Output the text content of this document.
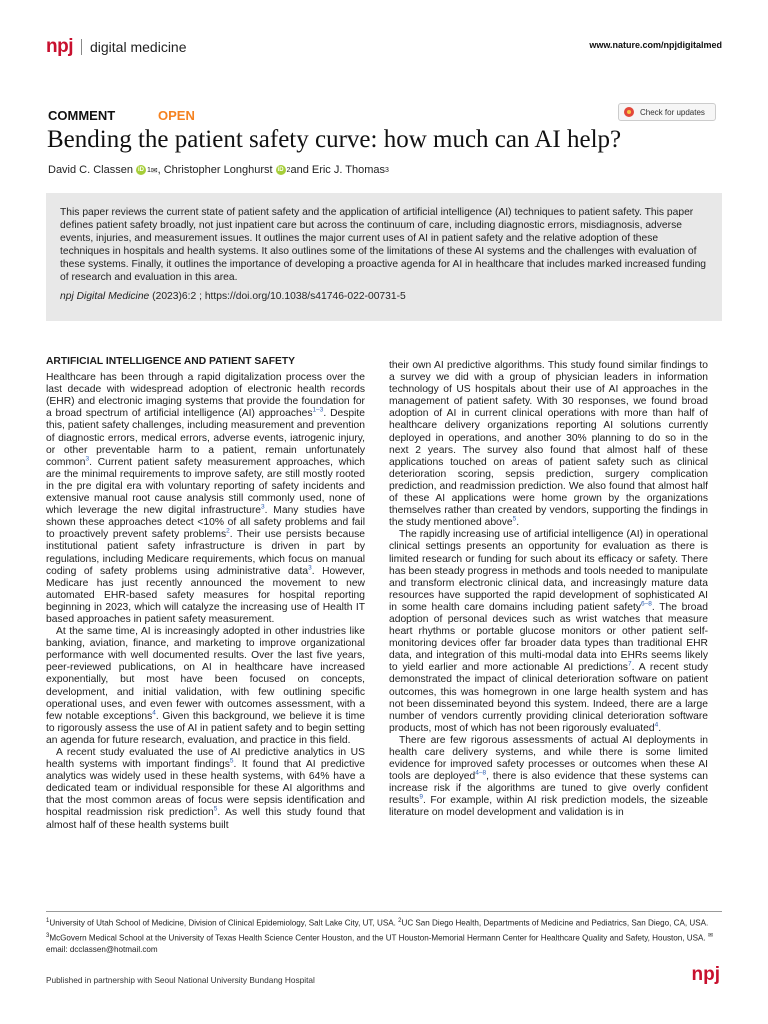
npj digital medicine	www.nature.com/npjdigitalmed
COMMENT	OPEN	Check for updates
Bending the patient safety curve: how much can AI help?
David C. Classen iD 1 ✉ , Christopher Longhurst iD 2 and Eric J. Thomas 3

This paper reviews the current state of patient safety and the application of artificial intelligence (AI) techniques to patient safety. This paper defines patient safety broadly, not just inpatient care but across the continuum of care, including diagnostic errors, misdiagnosis, adverse events, injuries, and measurement issues. It outlines the major current uses of AI in patient safety and the relative adoption of these techniques in hospitals and health systems. It also outlines some of the limitations of these AI systems and the challenges with evaluation of these systems. Finally, it outlines the importance of developing a proactive agenda for AI in healthcare that includes marked increased funding of research and evaluation in this area.

npj Digital Medicine (2023)6:2 ; https://doi.org/10.1038/s41746-022-00731-5
ARTIFICIAL INTELLIGENCE AND PATIENT SAFETY

Healthcare has been through a rapid digitalization process over the last decade with widespread adoption of electronic health records (EHR) and electronic imaging systems that provide the foundation for a broad spectrum of artificial intelligence (AI) approaches$^{1-3}$. Despite this, patient safety challenges, including measurement and prevention of diagnostic errors, medical errors, adverse events, iatrogenic injury, or other preventable harm to a patient, remain unfortunately common$^3$. Current patient safety measurement approaches, which are the minimal requirements to improve safety, are still mostly rooted in the pre digital era with voluntary reporting of safety incidents and extensive manual root cause analysis still commonly used, none of which leverage the new digital infrastructure$^3$. Many studies have shown these approaches detect <10% of all safety problems and fail to proactively prevent safety problems$^2$. Their use persists because institutional patient safety infrastructure is driven in part by regulations, including Medicare requirements, which focus on manual coding of safety problems using administrative data$^3$. However, Medicare has just recently announced the movement to new automated EHR-based safety measures for hospital reporting beginning in 2023, which will catalyze the increasing use of Health IT based approaches in patient safety measurement.

At the same time, AI is increasingly adopted in other industries like banking, aviation, finance, and marketing to improve organizational performance with well documented results. Over the last five years, peer-reviewed publications, on AI in healthcare have increased exponentially, but most have been focused on concepts, development, and initial validation, with few outlining specific operational uses, and even fewer with outcomes assessment, with a few notable exceptions$^4$. Given this background, we believe it is time to rigorously assess the use of AI in patient safety and to begin setting an agenda for future research, evaluation, and practice in this field.

A recent study evaluated the use of AI predictive analytics in US health systems with important findings$^5$. It found that AI predictive analytics was widely used in these health systems, with 64% have a dedicated team or individual responsible for these AI algorithms and that the most common areas of focus were sepsis identification and hospital readmission risk prediction$^5$. As well this study found that almost half of these health systems built

their own AI predictive algorithms. This study found similar findings to a survey we did with a group of physician leaders in information technology of US hospitals about their use of AI approaches in the management of patient safety. With 30 responses, we found broad adoption of AI in current clinical operations with more than half of healthcare delivery organizations reporting AI solutions currently deployed in operations, and another 30% planning to do so in the next 2 years. The survey also found that almost half of these applications touched on areas of patient safety such as clinical deterioration scoring, sepsis prediction, surgery complication prediction, and readmission prediction. We also found that almost half of these AI applications were home grown by the organizations themselves rather than created by vendors, supporting the findings in the study mentioned above$^5$.

The rapidly increasing use of artificial intelligence (AI) in operational clinical settings presents an opportunity for evaluation as there is limited research or funding for such about its efficacy or safety. There has been steady progress in methods and tools needed to manipulate and transform electronic clinical data, and increasingly mature data resources have supported the rapid development of sophisticated AI in some health care domains including patient safety$^{6-8}$. The broad adoption of personal devices such as wrist watches that measure heart rhythms or portable glucose monitors or other patient self-monitoring devices offer far broader data types than traditional EHR data, and integration of this multi-modal data into EHRs seems likely to yield earlier and more actionable AI predictions$^7$. A recent study demonstrated the impact of clinical deterioration software on patient outcomes, this was homegrown in one large health system and has not been disseminated beyond this system. Indeed, there are a large number of vendors currently providing clinical deterioration software products, most of which has not been rigorously evaluated$^4$.

There are few rigorous assessments of actual AI deployments in health care delivery systems, and while there is some limited evidence for improved safety processes or outcomes when these AI tools are deployed$^{4-8}$, there is also evidence that these systems can increase risk if the algorithms are tuned to give overly confident results$^9$. For example, within AI risk prediction models, the sizeable literature on model development and validation is in

$^1$University of Utah School of Medicine, Division of Clinical Epidemiology, Salt Lake City, UT, USA. $^2$UC San Diego Health, Departments of Medicine and Pediatrics, San Diego, CA, USA. $^3$McGovern Medical School at the University of Texas Health Science Center Houston, and the UT Houston-Memorial Hermann Center for Healthcare Quality and Safety, Houston, USA. ✉email: dcclassen@hotmail.com
Published in partnership with Seoul National University Bundang Hospital	npj
